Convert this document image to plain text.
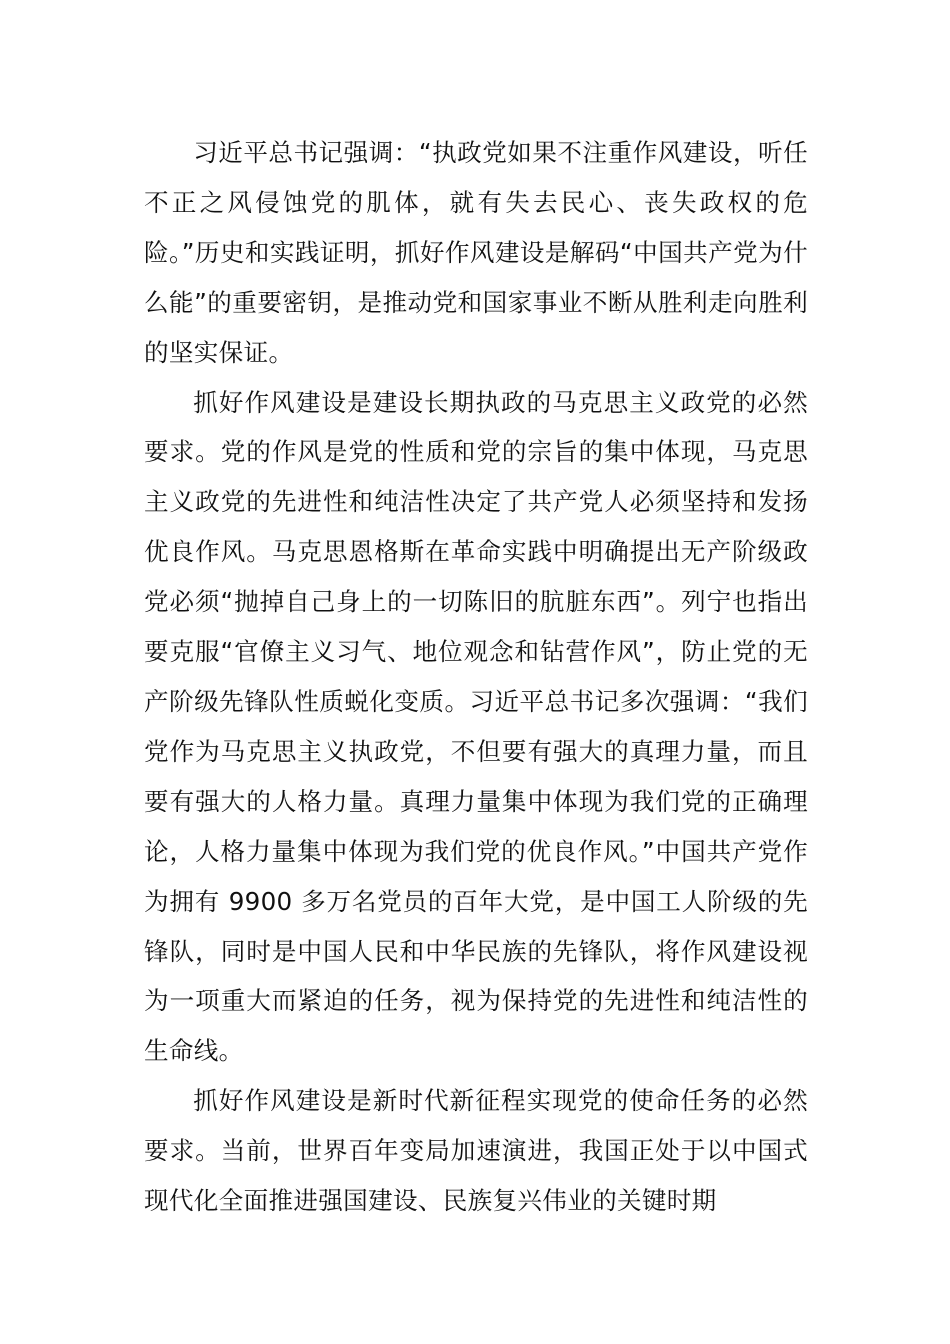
习近平总书记强调：“执政党如果不注重作风建设，听任不正之风侵蚀党的肌体，就有失去民心、丧失政权的危险。”历史和实践证明，抓好作风建设是解码“中国共产党为什么能”的重要密钥，是推动党和国家事业不断从胜利走向胜利的坚实保证。

抓好作风建设是建设长期执政的马克思主义政党的必然要求。党的作风是党的性质和党的宗旨的集中体现，马克思主义政党的先进性和纯洁性决定了共产党人必须坚持和发扬优良作风。马克思恩格斯在革命实践中明确提出无产阶级政党必须“抛掉自己身上的一切陈旧的肮脏东西”。列宁也指出要克服“官僚主义习气、地位观念和钻营作风”，防止党的无产阶级先锋队性质蜕化变质。习近平总书记多次强调：“我们党作为马克思主义执政党，不但要有强大的真理力量，而且要有强大的人格力量。真理力量集中体现为我们党的正确理论，人格力量集中体现为我们党的优良作风。”中国共产党作为拥有 9900 多万名党员的百年大党，是中国工人阶级的先锋队，同时是中国人民和中华民族的先锋队，将作风建设视为一项重大而紧迫的任务，视为保持党的先进性和纯洁性的生命线。

抓好作风建设是新时代新征程实现党的使命任务的必然要求。当前，世界百年变局加速演进，我国正处于以中国式现代化全面推进强国建设、民族复兴伟业的关键时期
